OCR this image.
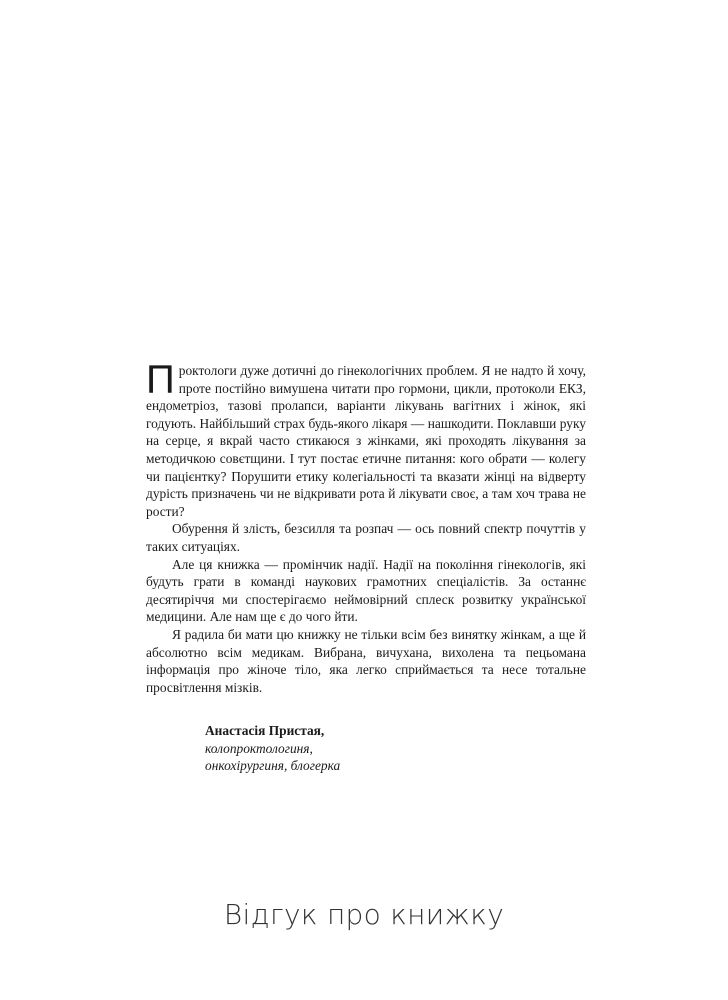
Проктологи дуже дотичні до гінекологічних проблем. Я не надто й хочу, проте постійно вимушена читати про гормони, цикли, протоколи ЕКЗ, ендометріоз, тазові пролапси, варіанти лікувань вагітних і жінок, які годують. Найбільший страх будь-якого лікаря — нашкодити. Поклавши руку на серце, я вкрай часто стикаюся з жінками, які проходять лікування за методичкою совєтщини. І тут постає етичне питання: кого обрати — колегу чи пацієнтку? Порушити етику колегіальності та вказати жінці на відверту дурість призначень чи не відкривати рота й лікувати своє, а там хоч трава не рости?

Обурення й злість, безсилля та розпач — ось повний спектр почуттів у таких ситуаціях.

Але ця книжка — промінчик надії. Надії на покоління гінекологів, які будуть грати в команді наукових грамотних спеціалістів. За останнє десятиріччя ми спостерігаємо неймовірний сплеск розвитку української медицини. Але нам ще є до чого йти.

Я радила би мати цю книжку не тільки всім без винятку жінкам, а ще й абсолютно всім медикам. Вибрана, вичухана, вихолена та пецьомана інформація про жіноче тіло, яка легко сприймається та несе тотальне просвітлення мізків.

Анастасія Пристая,
колопроктологиня,
онкохірургиня, блогерка
Відгук про книжку
